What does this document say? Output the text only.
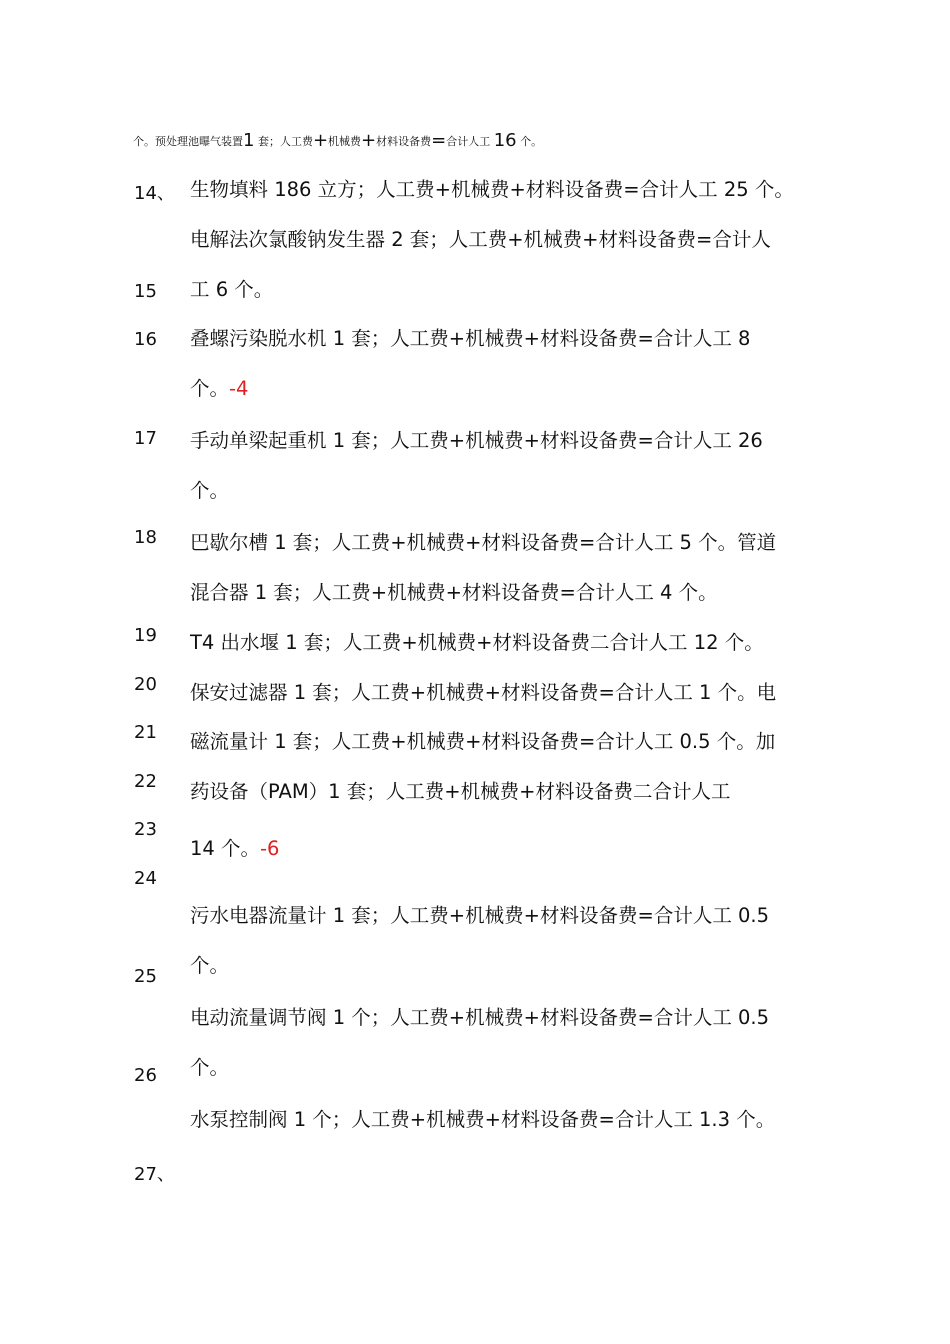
个。预处理池曝气装置1 套；人工费+机械费+材料设备费=合计人工 16 个。
14、
15
16
17
18
19
20
21
22
23
24
25
26
27、
生物填料 186 立方；人工费+机械费+材料设备费=合计人工 25 个。
电解法次氯酸钠发生器 2 套；人工费+机械费+材料设备费=合计人
工 6 个。
叠螺污染脱水机 1 套；人工费+机械费+材料设备费=合计人工 8
个。-4
手动单梁起重机 1 套；人工费+机械费+材料设备费=合计人工 26
个。
巴歇尔槽 1 套；人工费+机械费+材料设备费=合计人工 5 个。管道
混合器 1 套；人工费+机械费+材料设备费=合计人工 4 个。
T4 出水堰 1 套；人工费+机械费+材料设备费二合计人工 12 个。
保安过滤器 1 套；人工费+机械费+材料设备费=合计人工 1 个。电
磁流量计 1 套；人工费+机械费+材料设备费=合计人工 0.5 个。加
药设备（PAM）1 套；人工费+机械费+材料设备费二合计人工
14 个。-6
污水电器流量计 1 套；人工费+机械费+材料设备费=合计人工 0.5
个。
电动流量调节阀 1 个；人工费+机械费+材料设备费=合计人工 0.5
个。
水泵控制阀 1 个；人工费+机械费+材料设备费=合计人工 1.3 个。
